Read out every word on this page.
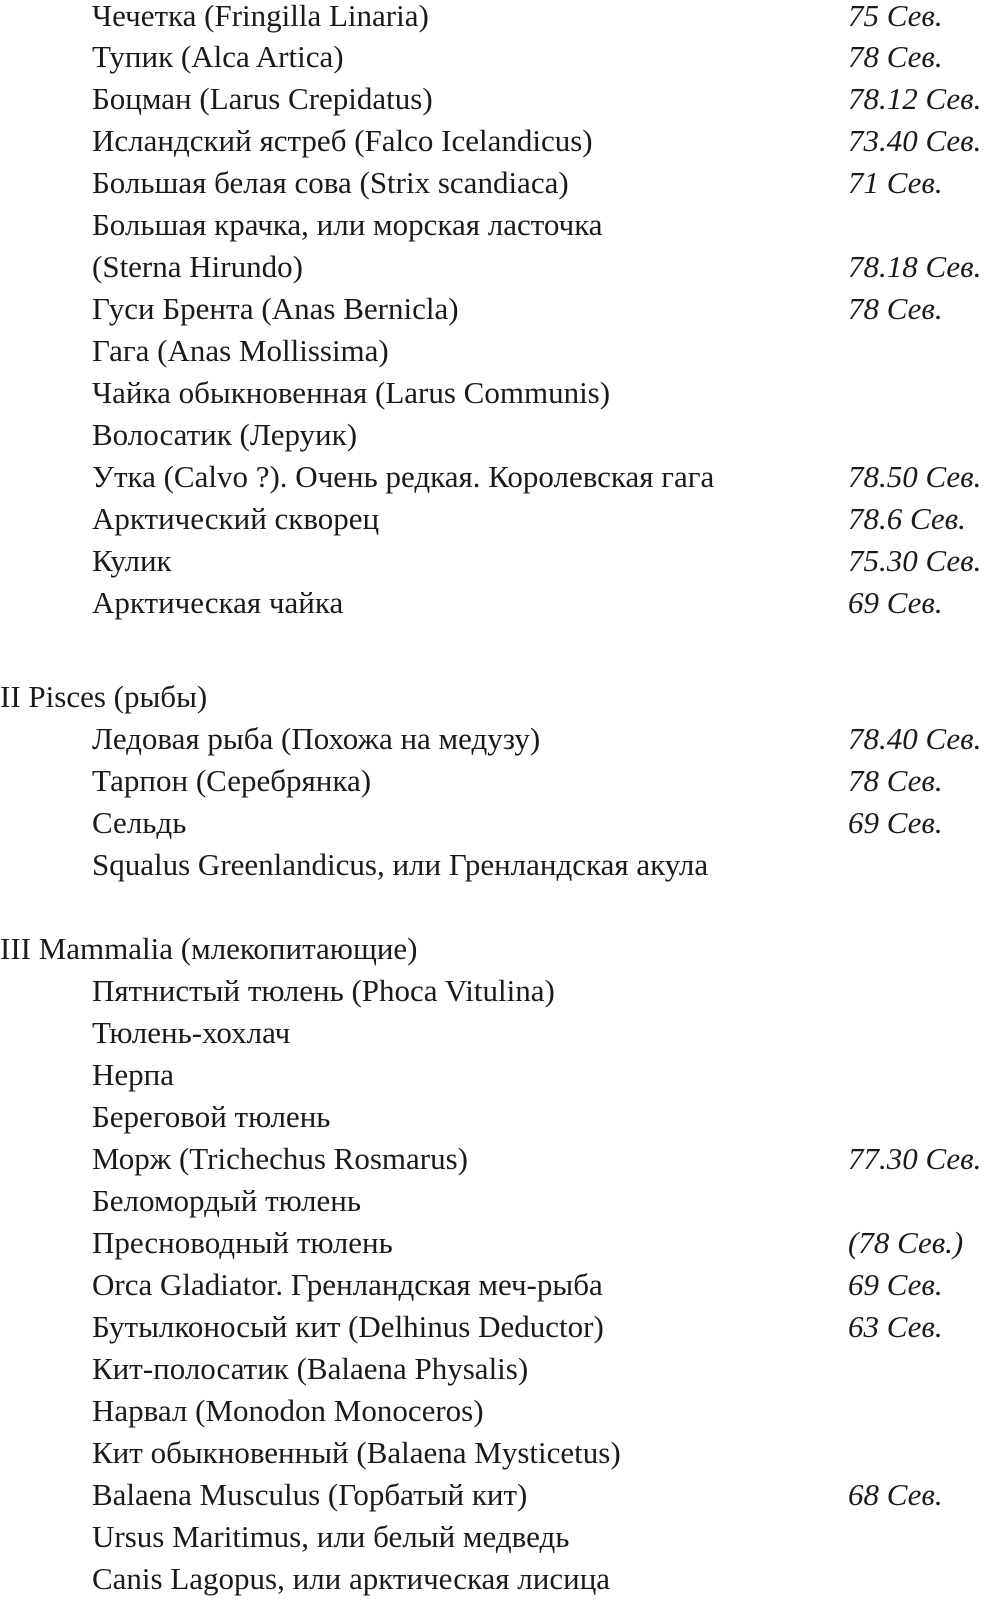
Чечетка (Fringilla Linaria)	75 Сев.
Тупик (Alca Artica)	78 Сев.
Боцман (Larus Crepidatus)	78.12 Сев.
Исландский ястреб (Falco Icelandicus)	73.40 Сев.
Большая белая сова (Strix scandiaca)	71 Сев.
Большая крачка, или морская ласточка
(Sterna Hirundo)	78.18 Сев.
Гуси Брента (Anas Bernicla)	78 Сев.
Гага (Anas Mollissima)
Чайка обыкновенная (Larus Communis)
Волосатик (Леруик)
Утка (Calvo ?). Очень редкая. Королевская гага	78.50 Сев.
Арктический скворец	78.6 Сев.
Кулик	75.30 Сев.
Арктическая чайка	69 Сев.
II Pisces (рыбы)
Ледовая рыба (Похожа на медузу)	78.40 Сев.
Тарпон (Серебрянка)	78 Сев.
Сельдь	69 Сев.
Squalus Greenlandicus, или Гренландская акула
III Mammalia (млекопитающие)
Пятнистый тюлень (Phoca Vitulina)
Тюлень-хохлач
Нерпа
Береговой тюлень
Морж (Trichechus Rosmarus)	77.30 Сев.
Беломордый тюлень
Пресноводный тюлень	(78 Сев.)
Orca Gladiator. Гренландская меч-рыба	69 Сев.
Бутылконосый кит (Delhinus Deductor)	63 Сев.
Кит-полосатик (Balaena Physalis)
Нарвал (Monodon Monoceros)
Кит обыкновенный (Balaena Mysticetus)
Balaena Musculus (Горбатый кит)	68 Сев.
Ursus Maritimus, или белый медведь
Canis Lagopus, или арктическая лисица
